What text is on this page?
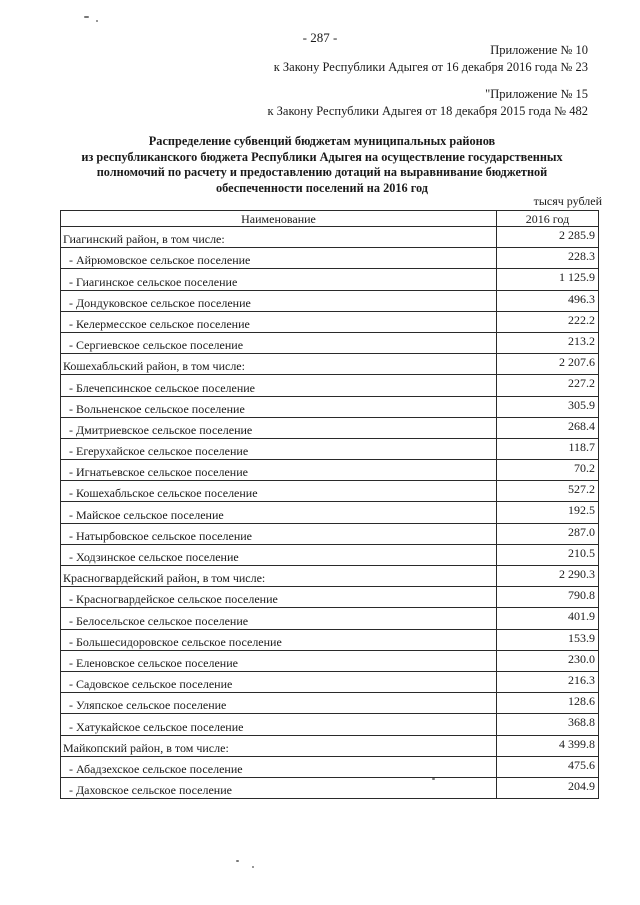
- 287 -
Приложение № 10
к Закону Республики Адыгея от 16 декабря 2016 года № 23
"Приложение № 15
к Закону Республики Адыгея от 18 декабря 2015 года № 482
Распределение субвенций бюджетам муниципальных районов
из республиканского бюджета Республики Адыгея на осуществление государственных
полномочий по расчету и предоставлению дотаций на выравнивание бюджетной
обеспеченности поселений на 2016 год
тысяч рублей
Наименование	2016 год
Гиагинский район, в том числе:	2 285.9
- Айрюмовское сельское поселение	228.3
- Гиагинское сельское поселение	1 125.9
- Дондуковское сельское поселение	496.3
- Келермесское сельское поселение	222.2
- Сергиевское сельское поселение	213.2
Кошехабльский район, в том числе:	2 207.6
- Блечепсинское сельское поселение	227.2
- Вольненское сельское поселение	305.9
- Дмитриевское сельское поселение	268.4
- Егерухайское сельское поселение	118.7
- Игнатьевское сельское поселение	70.2
- Кошехабльское сельское поселение	527.2
- Майское сельское поселение	192.5
- Натырбовское сельское поселение	287.0
- Ходзинское сельское поселение	210.5
Красногвардейский район, в том числе:	2 290.3
- Красногвардейское сельское поселение	790.8
- Белосельское сельское поселение	401.9
- Большесидоровское сельское поселение	153.9
- Еленовское сельское поселение	230.0
- Садовское сельское поселение	216.3
- Уляпское сельское поселение	128.6
- Хатукайское сельское поселение	368.8
Майкопский район, в том числе:	4 399.8
- Абадзехское сельское поселение	475.6
- Даховское сельское поселение	204.9
